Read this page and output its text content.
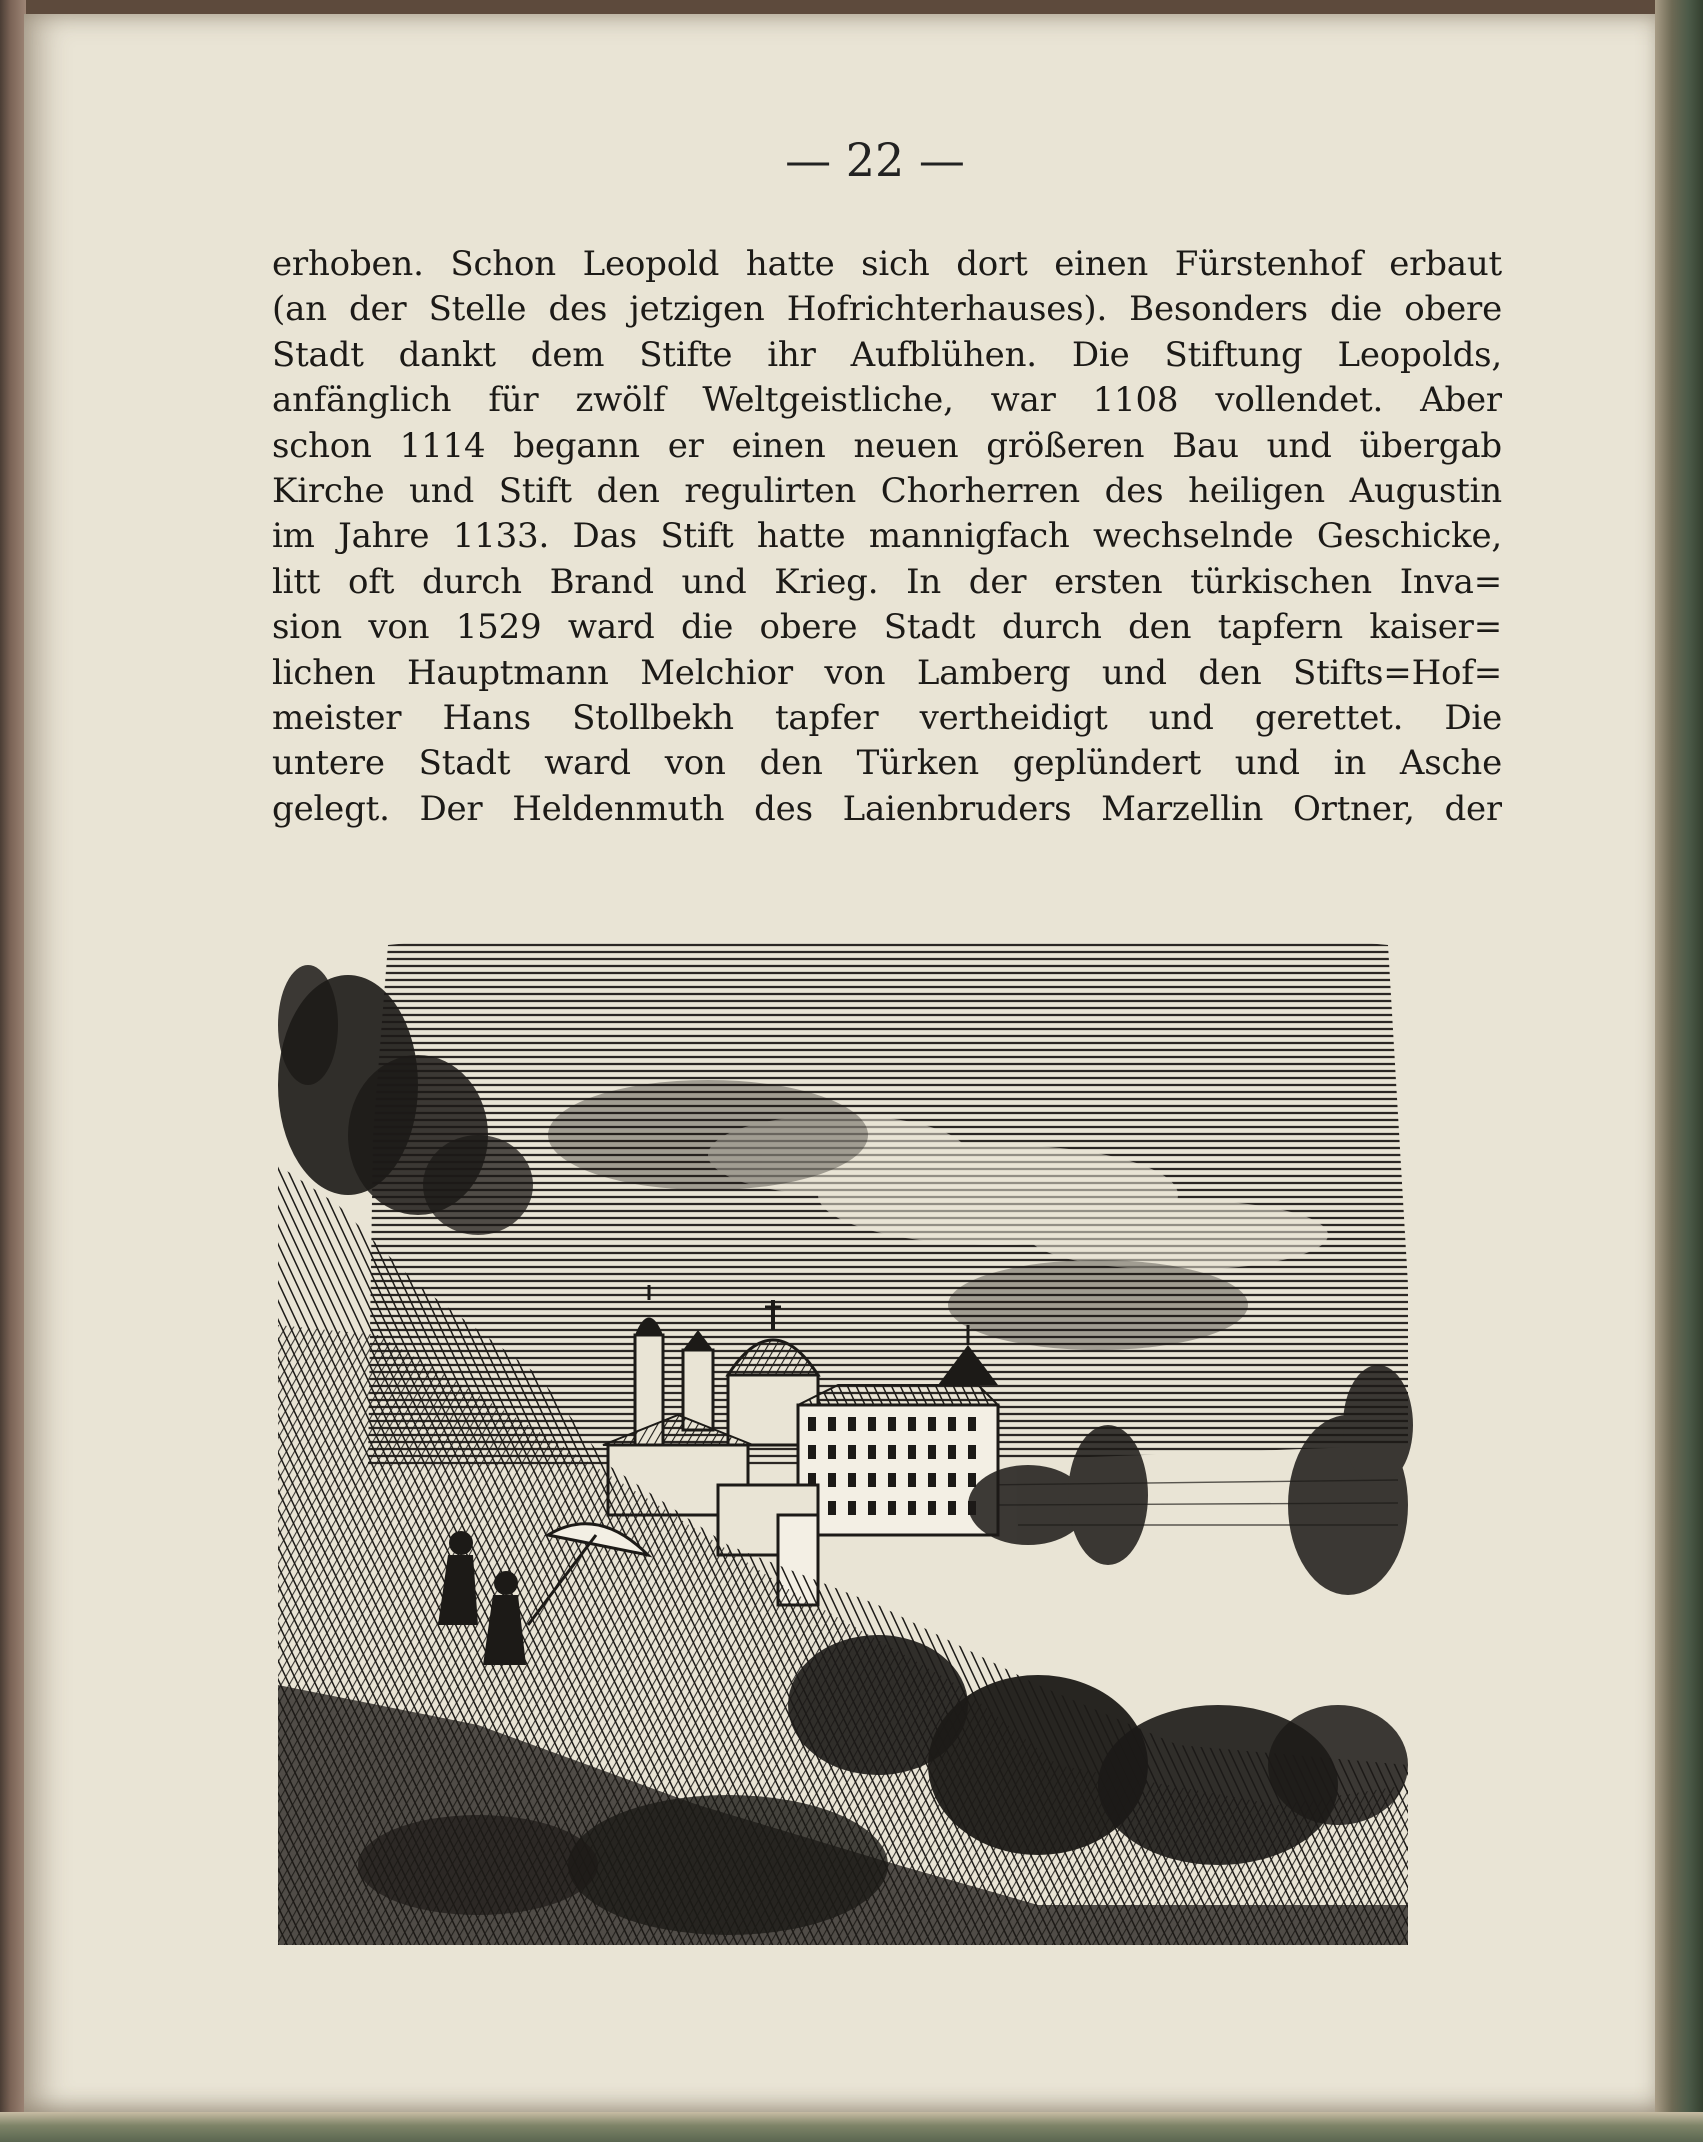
— 22 —
erhoben. Schon Leopold hatte sich dort einen Fürstenhof erbaut
(an der Stelle des jetzigen Hofrichterhauses). Besonders die obere
Stadt dankt dem Stifte ihr Aufblühen. Die Stiftung Leopolds,
anfänglich für zwölf Weltgeistliche, war 1108 vollendet. Aber
schon 1114 begann er einen neuen größeren Bau und übergab
Kirche und Stift den regulirten Chorherren des heiligen Augustin
im Jahre 1133. Das Stift hatte mannigfach wechselnde Geschicke,
litt oft durch Brand und Krieg. In der ersten türkischen Inva=
sion von 1529 ward die obere Stadt durch den tapfern kaiser=
lichen Hauptmann Melchior von Lamberg und den Stifts=Hof=
meister Hans Stollbekh tapfer vertheidigt und gerettet. Die
untere Stadt ward von den Türken geplündert und in Asche
gelegt. Der Heldenmuth des Laienbruders Marzellin Ortner, der
